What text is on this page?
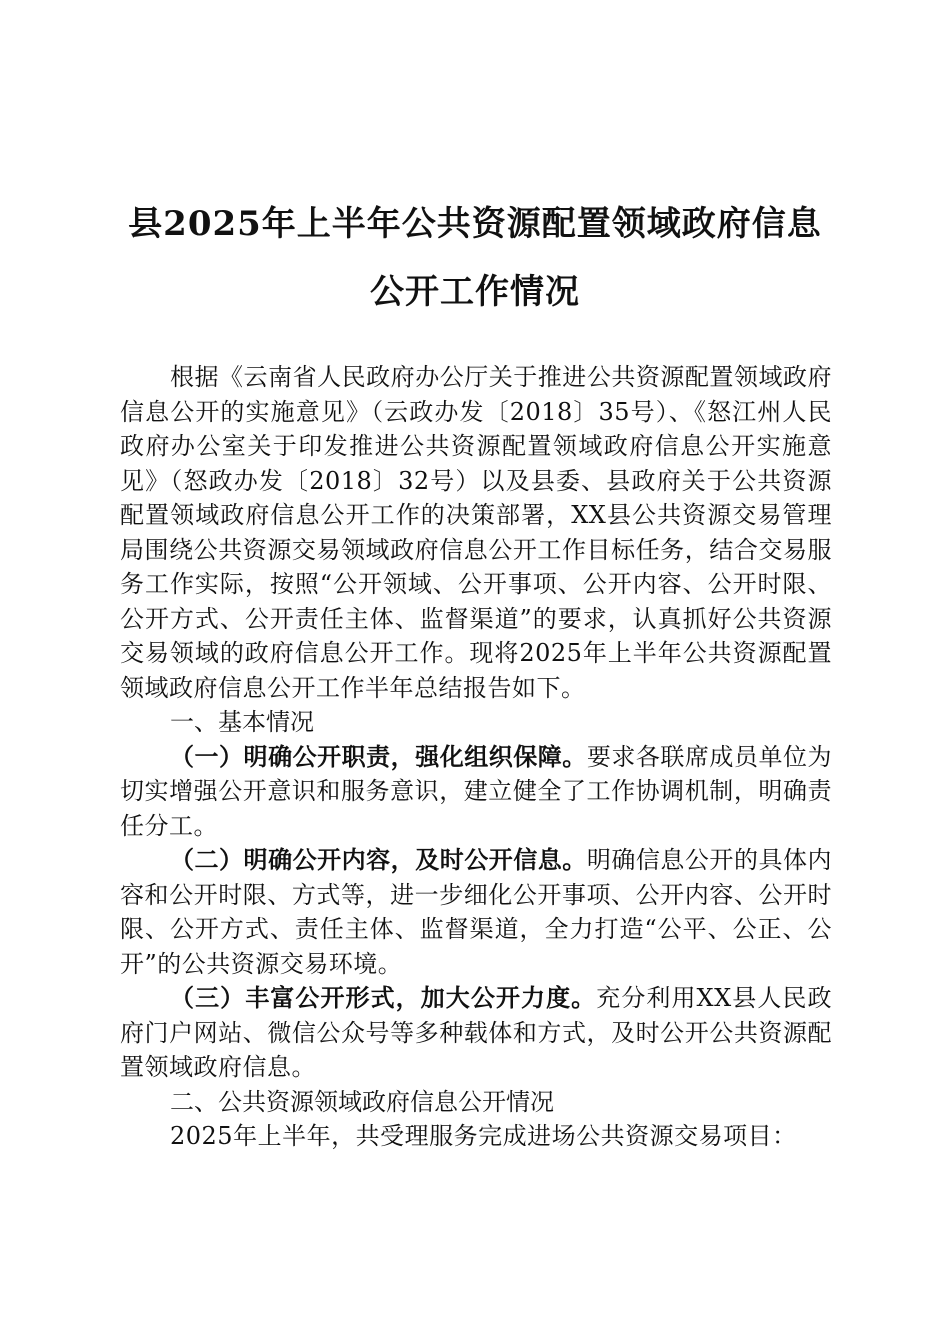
县2025年上半年公共资源配置领域政府信息
公开工作情况

根据《云南省人民政府办公厅关于推进公共资源配置领域政府信息公开的实施意见》（云政办发〔2018〕35号）、《怒江州人民政府办公室关于印发推进公共资源配置领域政府信息公开实施意见》（怒政办发〔2018〕32号）以及县委、县政府关于公共资源配置领域政府信息公开工作的决策部署，XX县公共资源交易管理局围绕公共资源交易领域政府信息公开工作目标任务，结合交易服务工作实际，按照“公开领域、公开事项、公开内容、公开时限、公开方式、公开责任主体、监督渠道”的要求，认真抓好公共资源交易领域的政府信息公开工作。现将2025年上半年公共资源配置领域政府信息公开工作半年总结报告如下。

一、基本情况

（一）明确公开职责，强化组织保障。要求各联席成员单位为切实增强公开意识和服务意识，建立健全了工作协调机制，明确责任分工。

（二）明确公开内容，及时公开信息。明确信息公开的具体内容和公开时限、方式等，进一步细化公开事项、公开内容、公开时限、公开方式、责任主体、监督渠道，全力打造“公平、公正、公开”的公共资源交易环境。

（三）丰富公开形式，加大公开力度。充分利用XX县人民政府门户网站、微信公众号等多种载体和方式，及时公开公共资源配置领域政府信息。

二、公共资源领域政府信息公开情况

2025年上半年，共受理服务完成进场公共资源交易项目：
